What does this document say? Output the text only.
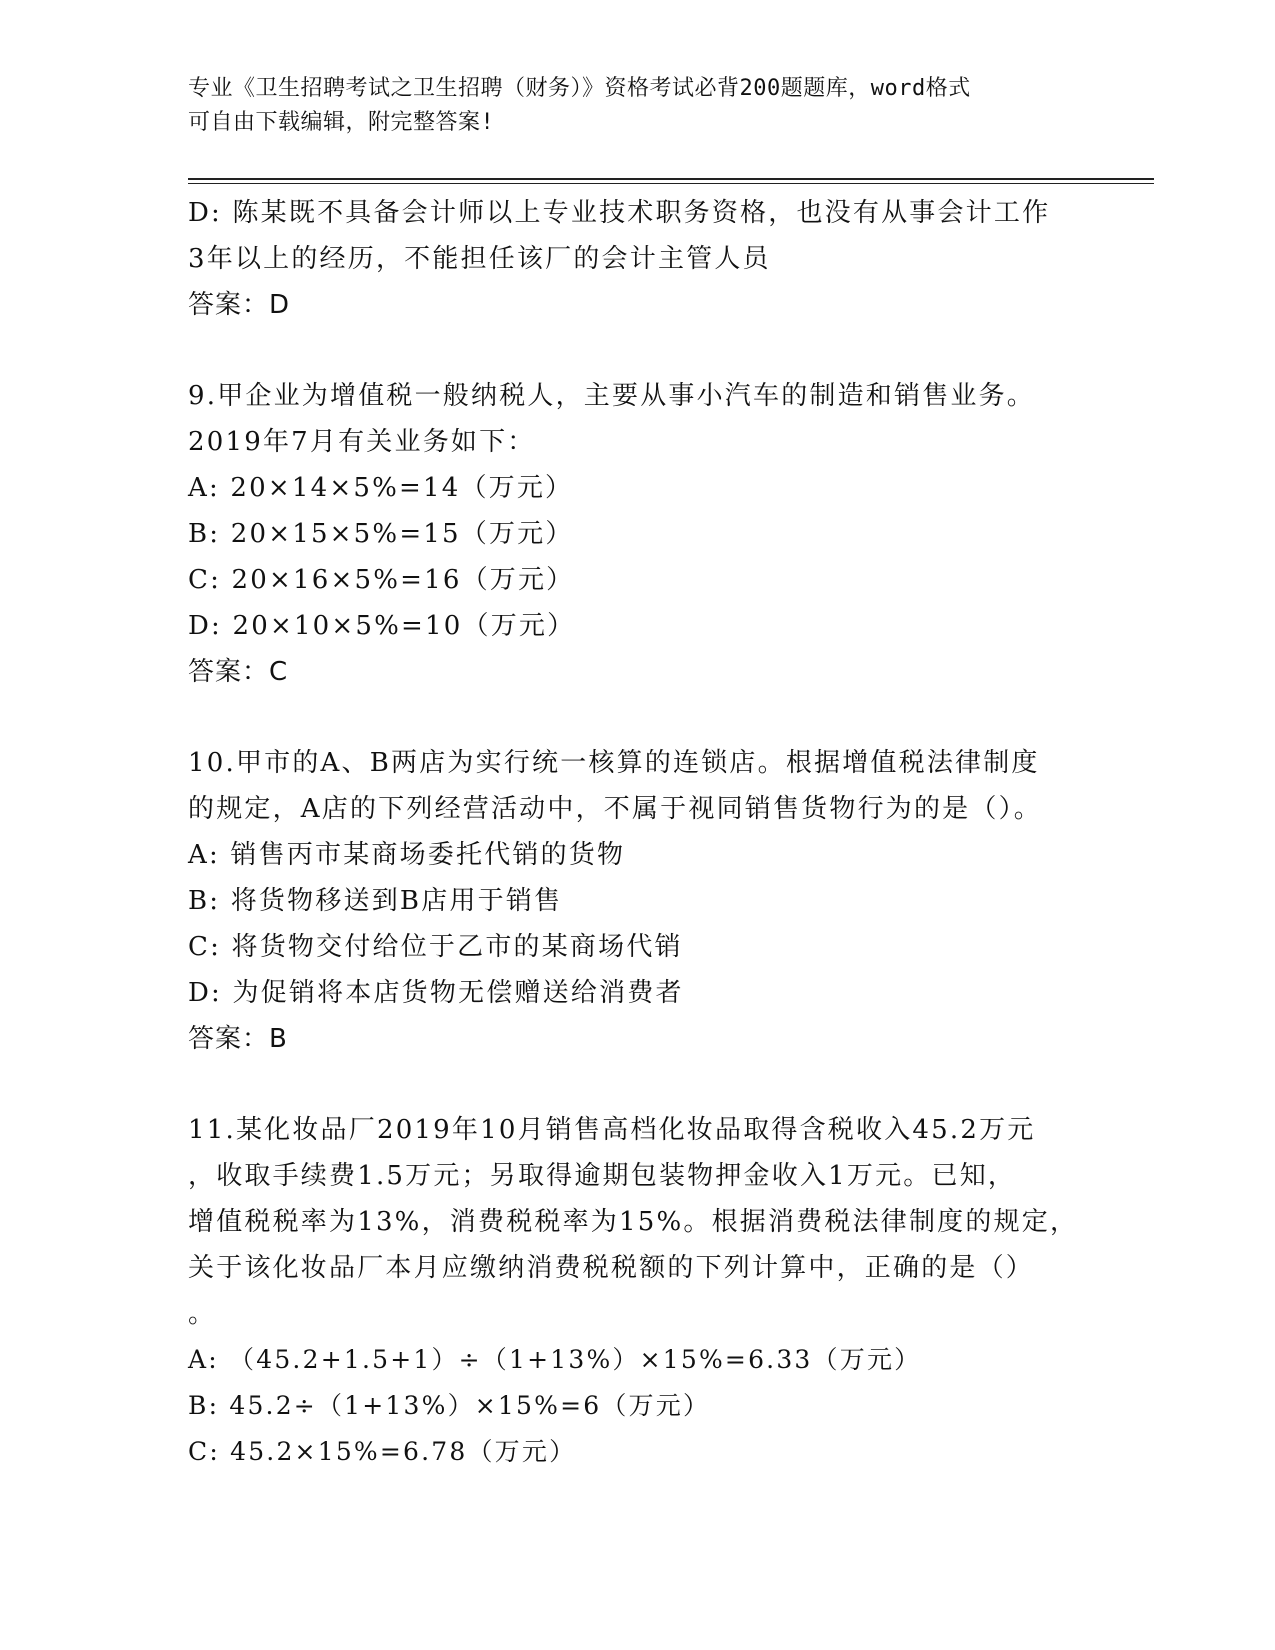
专业《卫生招聘考试之卫生招聘（财务）》资格考试必背200题题库，word格式
可自由下载编辑，附完整答案!
D: 陈某既不具备会计师以上专业技术职务资格，也没有从事会计工作
3年以上的经历，不能担任该厂的会计主管人员
答案：D
9.甲企业为增值税一般纳税人，主要从事小汽车的制造和销售业务。
2019年7月有关业务如下：
A: 20×14×5%=14（万元）
B: 20×15×5%=15（万元）
C: 20×16×5%=16（万元）
D: 20×10×5%=10（万元）
答案：C
10.甲市的A、B两店为实行统一核算的连锁店。根据增值税法律制度
的规定，A店的下列经营活动中，不属于视同销售货物行为的是（）。
A: 销售丙市某商场委托代销的货物
B: 将货物移送到B店用于销售
C: 将货物交付给位于乙市的某商场代销
D: 为促销将本店货物无偿赠送给消费者
答案：B
11.某化妆品厂2019年10月销售高档化妆品取得含税收入45.2万元
，收取手续费1.5万元；另取得逾期包装物押金收入1万元。已知，
增值税税率为13%，消费税税率为15%。根据消费税法律制度的规定，
关于该化妆品厂本月应缴纳消费税税额的下列计算中，正确的是（）
。
A: （45.2+1.5+1）÷（1+13%）×15%=6.33（万元）
B: 45.2÷（1+13%）×15%=6（万元）
C: 45.2×15%=6.78（万元）
